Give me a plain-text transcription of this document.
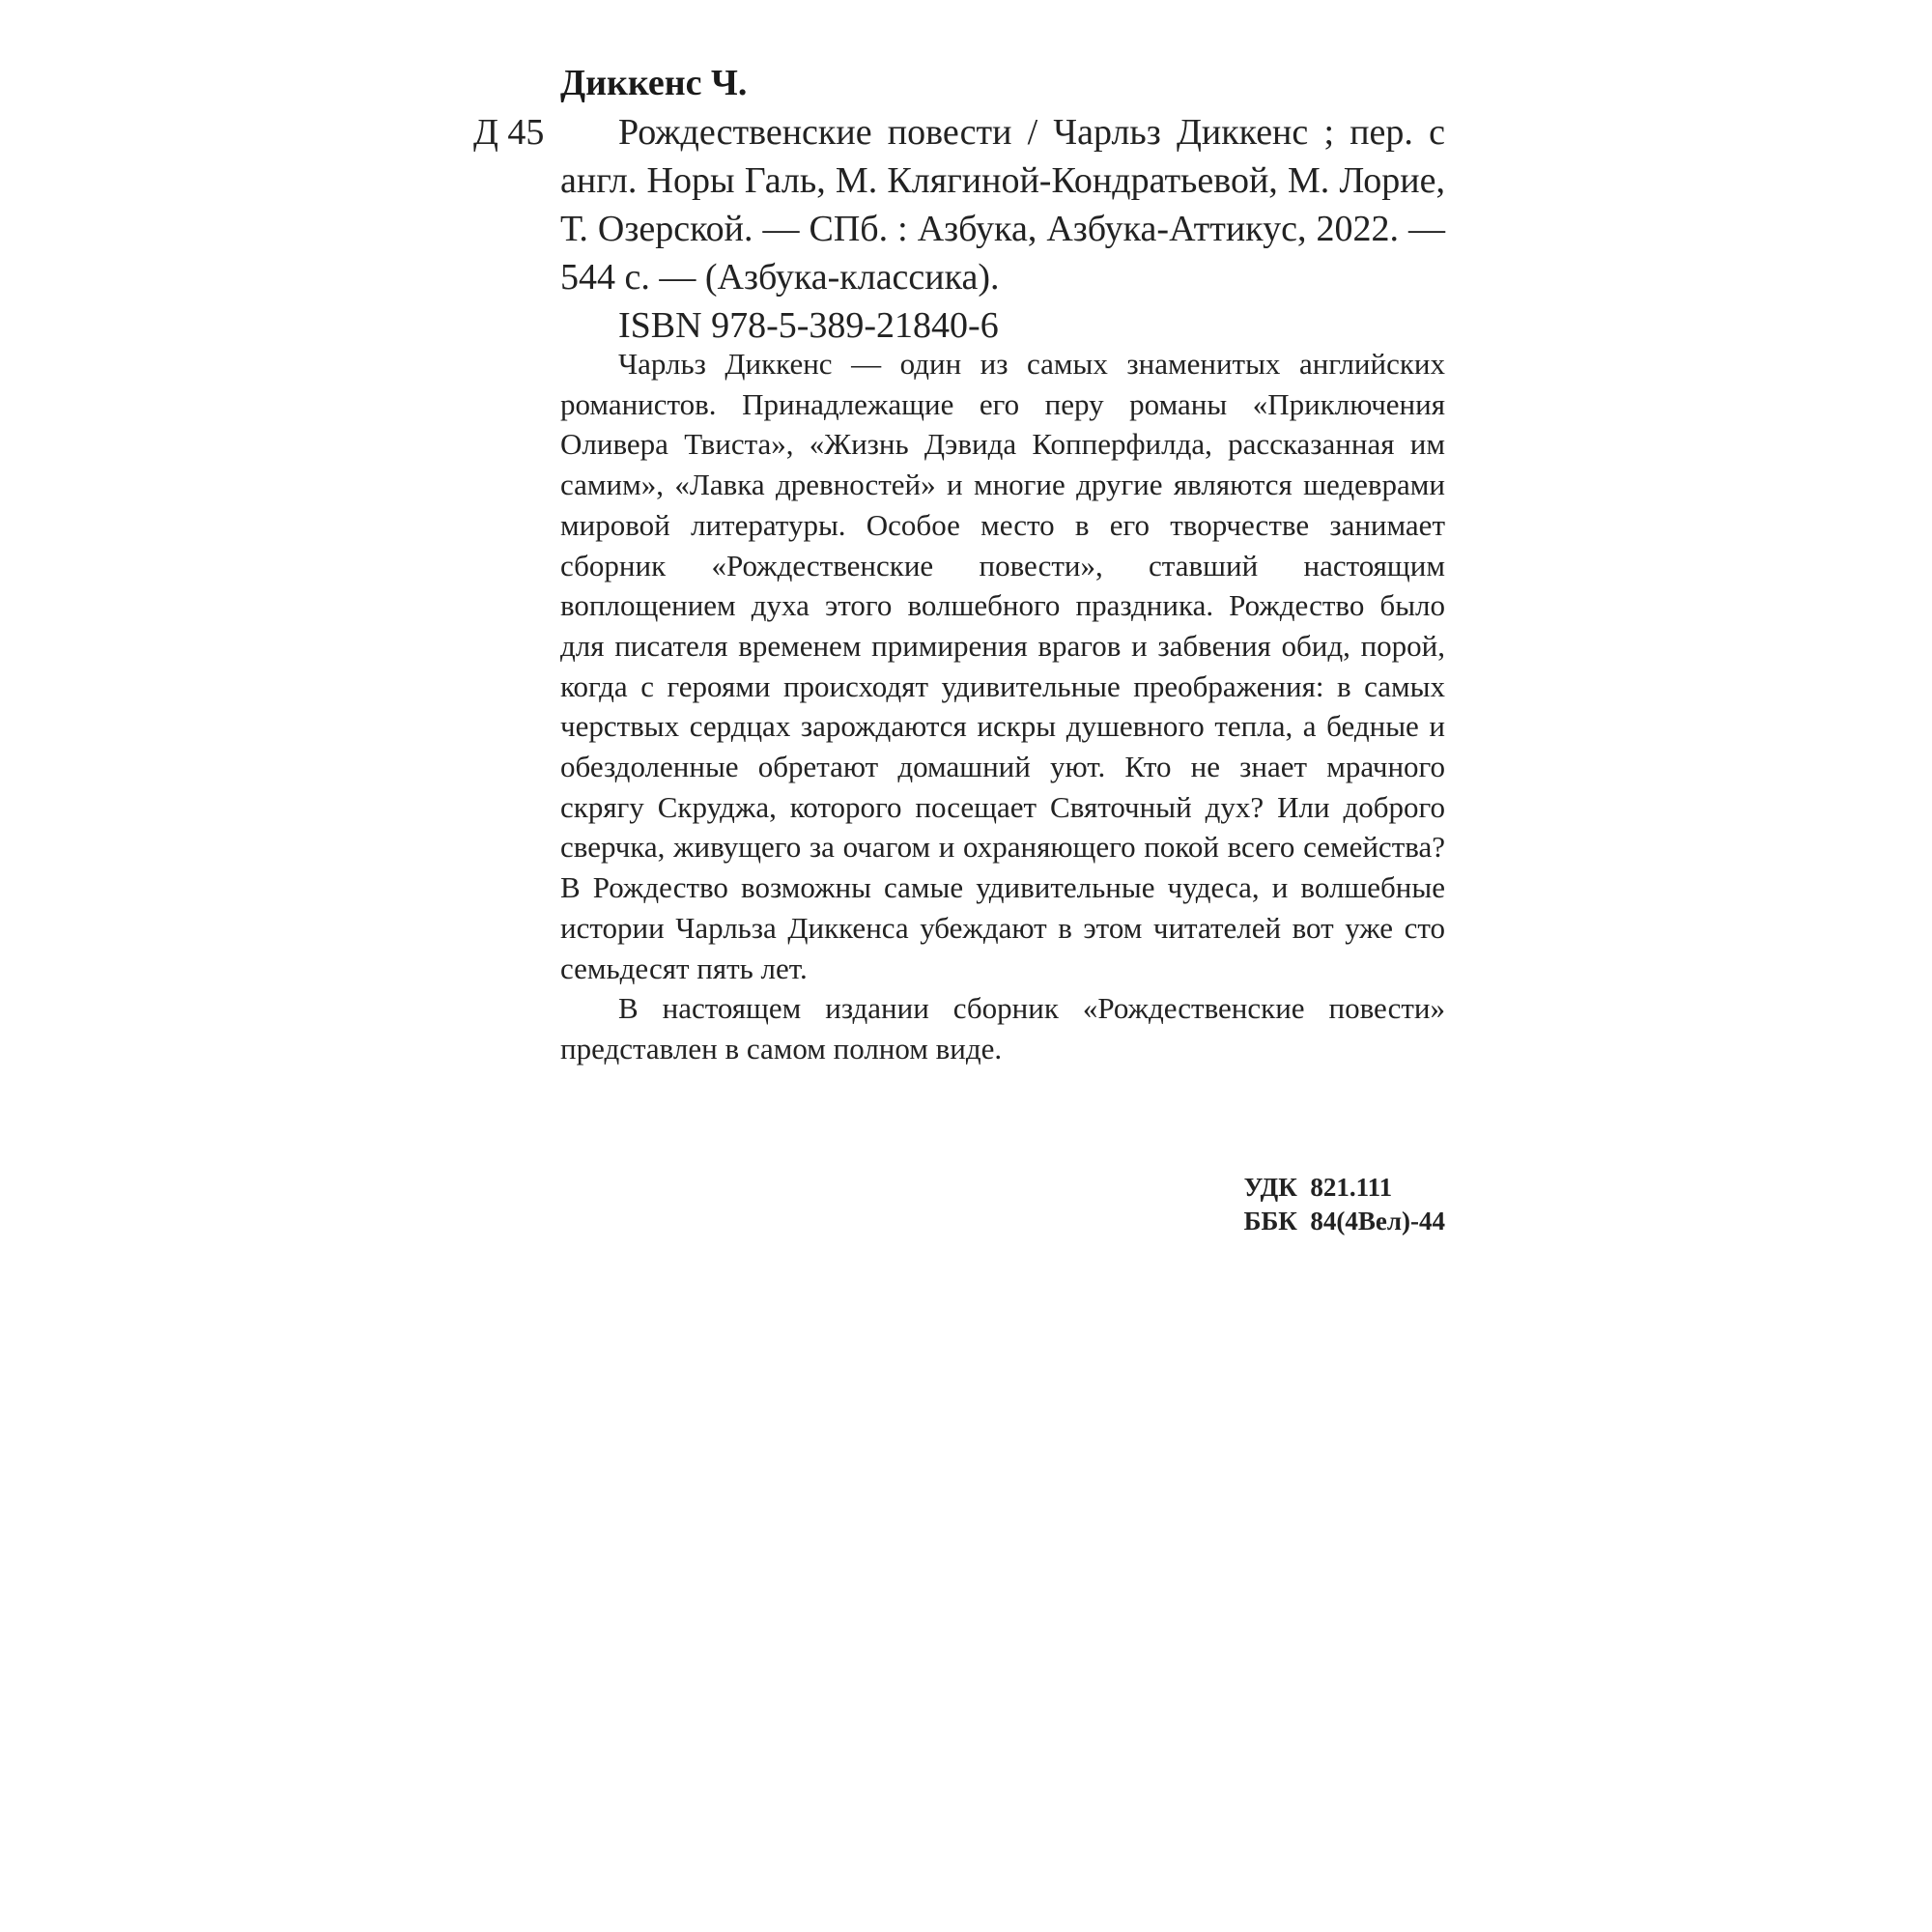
Диккенс Ч.
Д 45	Рождественские повести / Чарльз Диккенс ; пер. с англ. Норы Галь, М. Клягиной-Кондратьевой, М. Лорие, Т. Озерской. — СПб. : Азбука, Азбука-Аттикус, 2022. — 544 с. — (Азбука-классика).
ISBN 978-5-389-21840-6

Чарльз Диккенс — один из самых знаменитых английских романистов. Принадлежащие его перу романы «Приключения Оливера Твиста», «Жизнь Дэвида Копперфилда, рассказанная им самим», «Лавка древностей» и многие другие являются шедеврами мировой литературы. Особое место в его творчестве занимает сборник «Рождественские повести», ставший настоящим воплощением духа этого волшебного праздника. Рождество было для писателя временем примирения врагов и забвения обид, порой, когда с героями происходят удивительные преображения: в самых черствых сердцах зарождаются искры душевного тепла, а бедные и обездоленные обретают домашний уют. Кто не знает мрачного скрягу Скруджа, которого посещает Святочный дух? Или доброго сверчка, живущего за очагом и охраняющего покой всего семейства? В Рождество возможны самые удивительные чудеса, и волшебные истории Чарльза Диккенса убеждают в этом читателей вот уже сто семьдесят пять лет.

В настоящем издании сборник «Рождественские повести» представлен в самом полном виде.

УДК  821.111
ББК  84(4Вел)-44
